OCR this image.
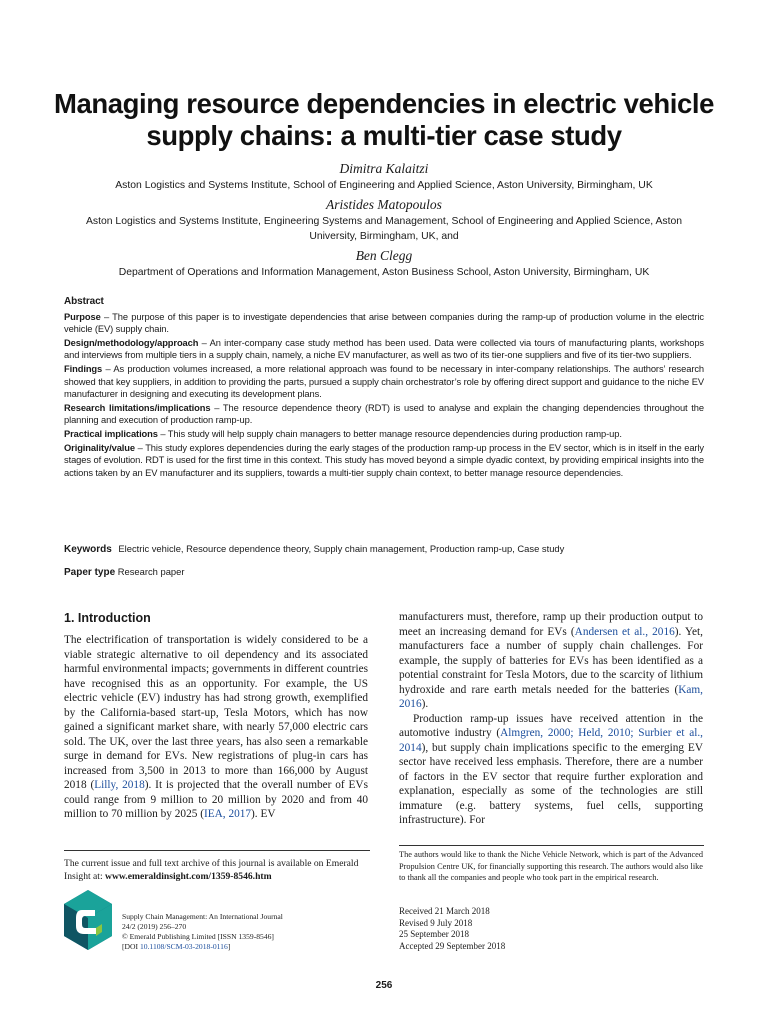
Managing resource dependencies in electric vehicle supply chains: a multi-tier case study
Dimitra Kalaitzi
Aston Logistics and Systems Institute, School of Engineering and Applied Science, Aston University, Birmingham, UK
Aristides Matopoulos
Aston Logistics and Systems Institute, Engineering Systems and Management, School of Engineering and Applied Science, Aston University, Birmingham, UK, and
Ben Clegg
Department of Operations and Information Management, Aston Business School, Aston University, Birmingham, UK
Abstract

Purpose – The purpose of this paper is to investigate dependencies that arise between companies during the ramp-up of production volume in the electric vehicle (EV) supply chain.

Design/methodology/approach – An inter-company case study method has been used. Data were collected via tours of manufacturing plants, workshops and interviews from multiple tiers in a supply chain, namely, a niche EV manufacturer, as well as two of its tier-one suppliers and five of its tier-two suppliers.

Findings – As production volumes increased, a more relational approach was found to be necessary in inter-company relationships. The authors’ research showed that key suppliers, in addition to providing the parts, pursued a supply chain orchestrator’s role by offering direct support and guidance to the niche EV manufacturer in designing and executing its development plans.

Research limitations/implications – The resource dependence theory (RDT) is used to analyse and explain the changing dependencies throughout the planning and execution of production ramp-up.

Practical implications – This study will help supply chain managers to better manage resource dependencies during production ramp-up.

Originality/value – This study explores dependencies during the early stages of the production ramp-up process in the EV sector, which is in itself in the early stages of evolution. RDT is used for the first time in this context. This study has moved beyond a simple dyadic context, by providing empirical insights into the actions taken by an EV manufacturer and its suppliers, towards a multi-tier supply chain context, to better manage resource dependencies.

Keywords Electric vehicle, Resource dependence theory, Supply chain management, Production ramp-up, Case study
Paper type Research paper
1. Introduction

The electrification of transportation is widely considered to be a viable strategic alternative to oil dependency and its associated harmful environmental impacts; governments in different countries have recognised this as an opportunity. For example, the US electric vehicle (EV) industry has had strong growth, exemplified by the California-based start-up, Tesla Motors, which has now gained a significant market share, with nearly 57,000 electric cars sold. The UK, over the last three years, has also seen a remarkable surge in demand for EVs. New registrations of plug-in cars has increased from 3,500 in 2013 to more than 166,000 by August 2018 (Lilly, 2018). It is projected that the overall number of EVs could range from 9 million to 20 million by 2020 and from 40 million to 70 million by 2025 (IEA, 2017). EV

manufacturers must, therefore, ramp up their production output to meet an increasing demand for EVs (Andersen et al., 2016). Yet, manufacturers face a number of supply chain challenges. For example, the supply of batteries for EVs has been identified as a potential constraint for Tesla Motors, due to the scarcity of lithium hydroxide and rare earth metals needed for the batteries (Kam, 2016).

Production ramp-up issues have received attention in the automotive industry (Almgren, 2000; Held, 2010; Surbier et al., 2014), but supply chain implications specific to the emerging EV sector have received less emphasis. Therefore, there are a number of factors in the EV sector that require further exploration and explanation, especially as some of the technologies are still immature (e.g. battery systems, fuel cells, supporting infrastructure). For

The current issue and full text archive of this journal is available on Emerald Insight at: www.emeraldinsight.com/1359-8546.htm
Supply Chain Management: An International Journal
24/2 (2019) 256–270
© Emerald Publishing Limited [ISSN 1359-8546]
[DOI 10.1108/SCM-03-2018-0116]
The authors would like to thank the Niche Vehicle Network, which is part of the Advanced Propulsion Centre UK, for financially supporting this research. The authors would also like to thank all the companies and people who took part in the empirical research.
Received 21 March 2018
Revised 9 July 2018
25 September 2018
Accepted 29 September 2018
256
